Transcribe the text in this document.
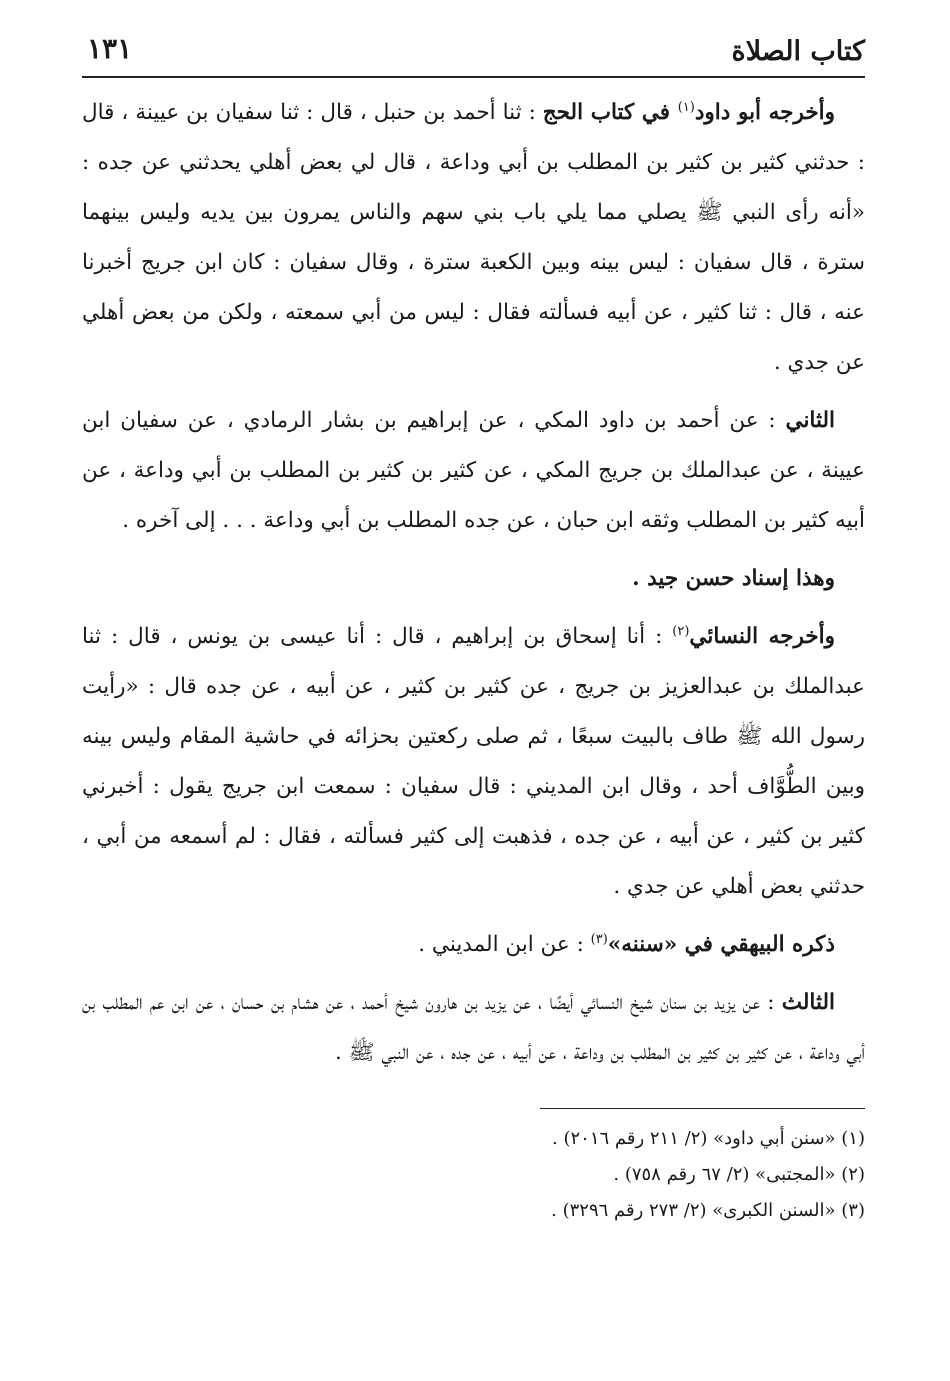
كتاب الصلاة
١٣١

وأخرجه أبو داود$^{(١)}$ في كتاب الحج : ثنا أحمد بن حنبل ، قال : ثنا سفيان بن عيينة ، قال : حدثني كثير بن كثير بن المطلب بن أبي وداعة ، قال لي بعض أهلي يحدثني عن جده : «أنه رأى النبي ﷺ يصلي مما يلي باب بني سهم والناس يمرون بين يديه وليس بينهما سترة ، قال سفيان : ليس بينه وبين الكعبة سترة ، وقال سفيان : كان ابن جريج أخبرنا عنه ، قال : ثنا كثير ، عن أبيه فسألته فقال : ليس من أبي سمعته ، ولكن من بعض أهلي عن جدي .

الثاني : عن أحمد بن داود المكي ، عن إبراهيم بن بشار الرمادي ، عن سفيان ابن عيينة ، عن عبدالملك بن جريج المكي ، عن كثير بن كثير بن المطلب بن أبي وداعة ، عن أبيه كثير بن المطلب وثقه ابن حبان ، عن جده المطلب بن أبي وداعة . . . إلى آخره .

وهذا إسناد حسن جيد .

وأخرجه النسائي$^{(٢)}$ : أنا إسحاق بن إبراهيم ، قال : أنا عيسى بن يونس ، قال : ثنا عبدالملك بن عبدالعزيز بن جريج ، عن كثير بن كثير ، عن أبيه ، عن جده قال : «رأيت رسول الله ﷺ طاف بالبيت سبعًا ، ثم صلى ركعتين بحزائه في حاشية المقام وليس بينه وبين الطُّوَّاف أحد ، وقال ابن المديني : قال سفيان : سمعت ابن جريج يقول : أخبرني كثير بن كثير ، عن أبيه ، عن جده ، فذهبت إلى كثير فسألته ، فقال : لم أسمعه من أبي ، حدثني بعض أهلي عن جدي .

ذكره البيهقي في «سننه»$^{(٣)}$ : عن ابن المديني .

الثالث : عن يزيد بن سنان شيخ النسائي أيضًا ، عن يزيد بن هارون شيخ أحمد ، عن هشام بن حسان ، عن ابن عم المطلب بن أبي وداعة ، عن كثير بن كثير بن المطلب بن وداعة ، عن أبيه ، عن جده ، عن النبي ﷺ .

(١) «سنن أبي داود» (٢/ ٢١١ رقم ٢٠١٦) .
(٢) «المجتبى» (٢/ ٦٧ رقم ٧٥٨) .
(٣) «السنن الكبرى» (٢/ ٢٧٣ رقم ٣٢٩٦) .
